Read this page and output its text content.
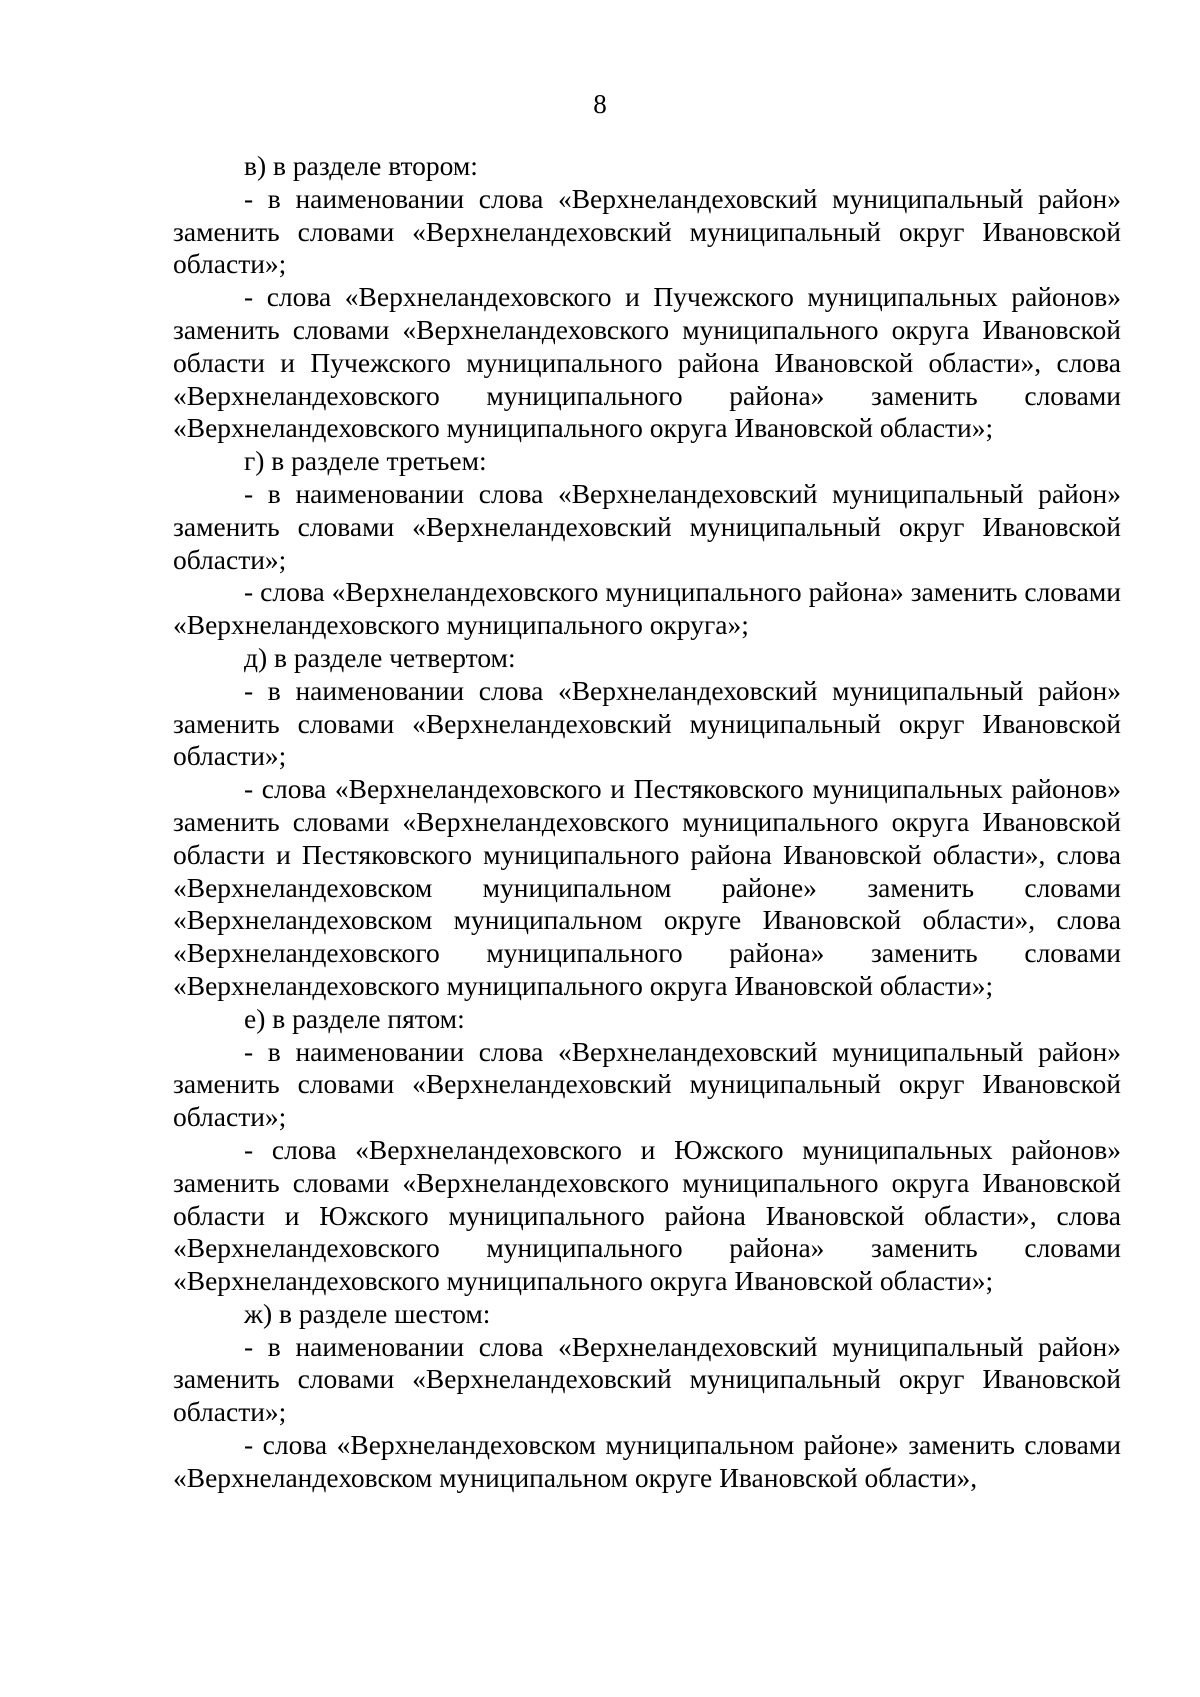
8

в) в разделе втором:

- в наименовании слова «Верхнеландеховский муниципальный район» заменить словами «Верхнеландеховский муниципальный округ Ивановской области»;

- слова «Верхнеландеховского и Пучежского муниципальных районов» заменить словами «Верхнеландеховского муниципального округа Ивановской области и Пучежского муниципального района Ивановской области», слова «Верхнеландеховского муниципального района» заменить словами «Верхнеландеховского муниципального округа Ивановской области»;

г) в разделе третьем:

- в наименовании слова «Верхнеландеховский муниципальный район» заменить словами «Верхнеландеховский муниципальный округ Ивановской области»;

- слова «Верхнеландеховского муниципального района» заменить словами «Верхнеландеховского муниципального округа»;

д) в разделе четвертом:

- в наименовании слова «Верхнеландеховский муниципальный район» заменить словами «Верхнеландеховский муниципальный округ Ивановской области»;

- слова «Верхнеландеховского и Пестяковского муниципальных районов» заменить словами «Верхнеландеховского муниципального округа Ивановской области и Пестяковского муниципального района Ивановской области», слова «Верхнеландеховском муниципальном районе» заменить словами «Верхнеландеховском муниципальном округе Ивановской области», слова «Верхнеландеховского муниципального района» заменить словами «Верхнеландеховского муниципального округа Ивановской области»;

е) в разделе пятом:

- в наименовании слова «Верхнеландеховский муниципальный район» заменить словами «Верхнеландеховский муниципальный округ Ивановской области»;

- слова «Верхнеландеховского и Южского муниципальных районов» заменить словами «Верхнеландеховского муниципального округа Ивановской области и Южского муниципального района Ивановской области», слова «Верхнеландеховского муниципального района» заменить словами «Верхнеландеховского муниципального округа Ивановской области»;

ж) в разделе шестом:

- в наименовании слова «Верхнеландеховский муниципальный район» заменить словами «Верхнеландеховский муниципальный округ Ивановской области»;

- слова «Верхнеландеховском муниципальном районе» заменить словами «Верхнеландеховском муниципальном округе Ивановской области»,
